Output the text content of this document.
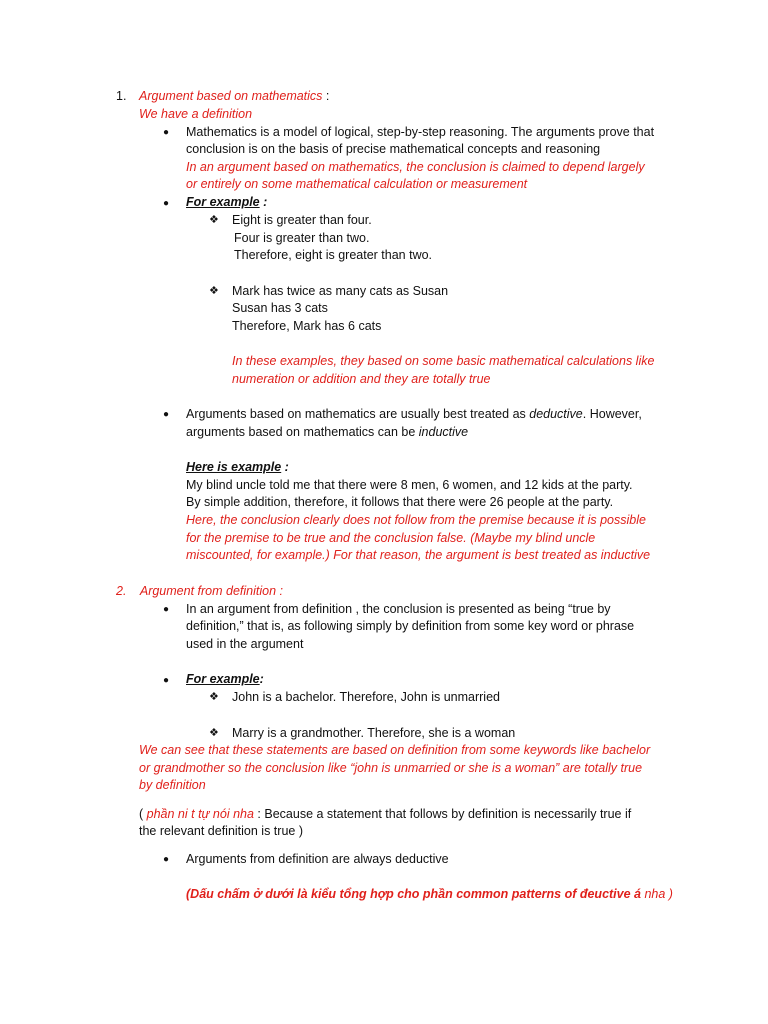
1. Argument based on mathematics :
We have a definition
● Mathematics is a model of logical, step-by-step reasoning. The arguments prove that
conclusion is on the basis of precise mathematical concepts and reasoning
In an argument based on mathematics, the conclusion is claimed to depend largely
or entirely on some mathematical calculation or measurement
● For example :
❖ Eight is greater than four.
Four is greater than two.
Therefore, eight is greater than two.
❖ Mark has twice as many cats as Susan
Susan has 3 cats
Therefore, Mark has 6 cats
In these examples, they based on some basic mathematical calculations like
numeration or addition and they are totally true
● Arguments based on mathematics are usually best treated as deductive. However,
arguments based on mathematics can be inductive
Here is example :
My blind uncle told me that there were 8 men, 6 women, and 12 kids at the party.
By simple addition, therefore, it follows that there were 26 people at the party.
Here, the conclusion clearly does not follow from the premise because it is possible
for the premise to be true and the conclusion false. (Maybe my blind uncle
miscounted, for example.) For that reason, the argument is best treated as inductive
2.    Argument from definition :
● In an argument from definition , the conclusion is presented as being “true by
definition,” that is, as following simply by definition from some key word or phrase
used in the argument
● For example:
❖ John is a bachelor. Therefore, John is unmarried
❖ Marry is a grandmother. Therefore, she is a woman
We can see that these statements are based on definition from some keywords like bachelor
or grandmother so the conclusion like “john is unmarried or she is a woman” are totally true
by definition
( phần ni t tự nói nha : Because a statement that follows by definition is necessarily true if
the relevant definition is true )
● Arguments from definition are always deductive
(Dấu chấm ở dưới là kiểu tổng hợp cho phần common patterns of đeuctive á nha )
